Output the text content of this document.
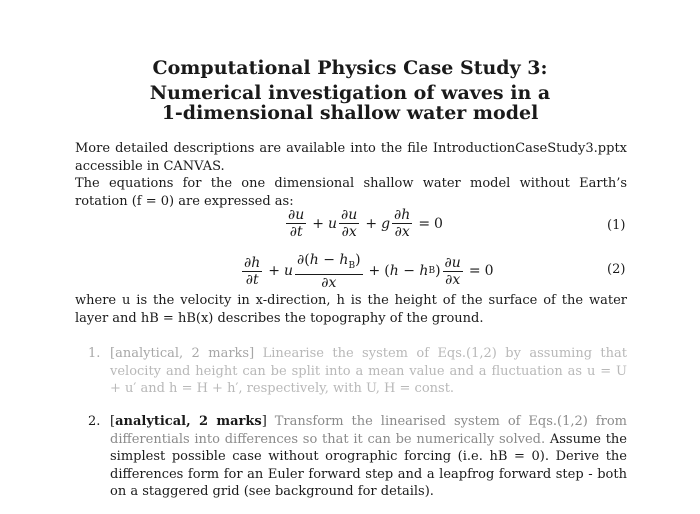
Computational Physics Case Study 3:
Numerical investigation of waves in a
1-dimensional shallow water model

More detailed descriptions are available into the file IntroductionCaseStudy3.pptx accessible in CANVAS.

The equations for the one dimensional shallow water model without Earth’s rotation (f = 0) are expressed as:

$\frac{\partial u}{\partial t} + u \frac{\partial u}{\partial x} + g \frac{\partial h}{\partial x} = 0$	(1)
$\frac{\partial h}{\partial t} + u \frac{\partial(h - h_B)}{\partial x}$ + ( h − h B ) $\frac{\partial u}{\partial x} = 0$	(2)

where u is the velocity in x-direction, h is the height of the surface of the water layer and hB = hB(x) describes the topography of the ground.

1. [analytical, 2 marks] Linearise the system of Eqs.(1,2) by assuming that velocity and height can be split into a mean value and a fluctuation as u = U + u′ and h = H + h′, respectively, with U, H = const.
2. [analytical, 2 marks] Transform the linearised system of Eqs.(1,2) from differentials into differences so that it can be numerically solved. Assume the simplest possible case without orographic forcing (i.e. hB = 0). Derive the differences form for an Euler forward step and a leapfrog forward step - both on a staggered grid (see background for details).
